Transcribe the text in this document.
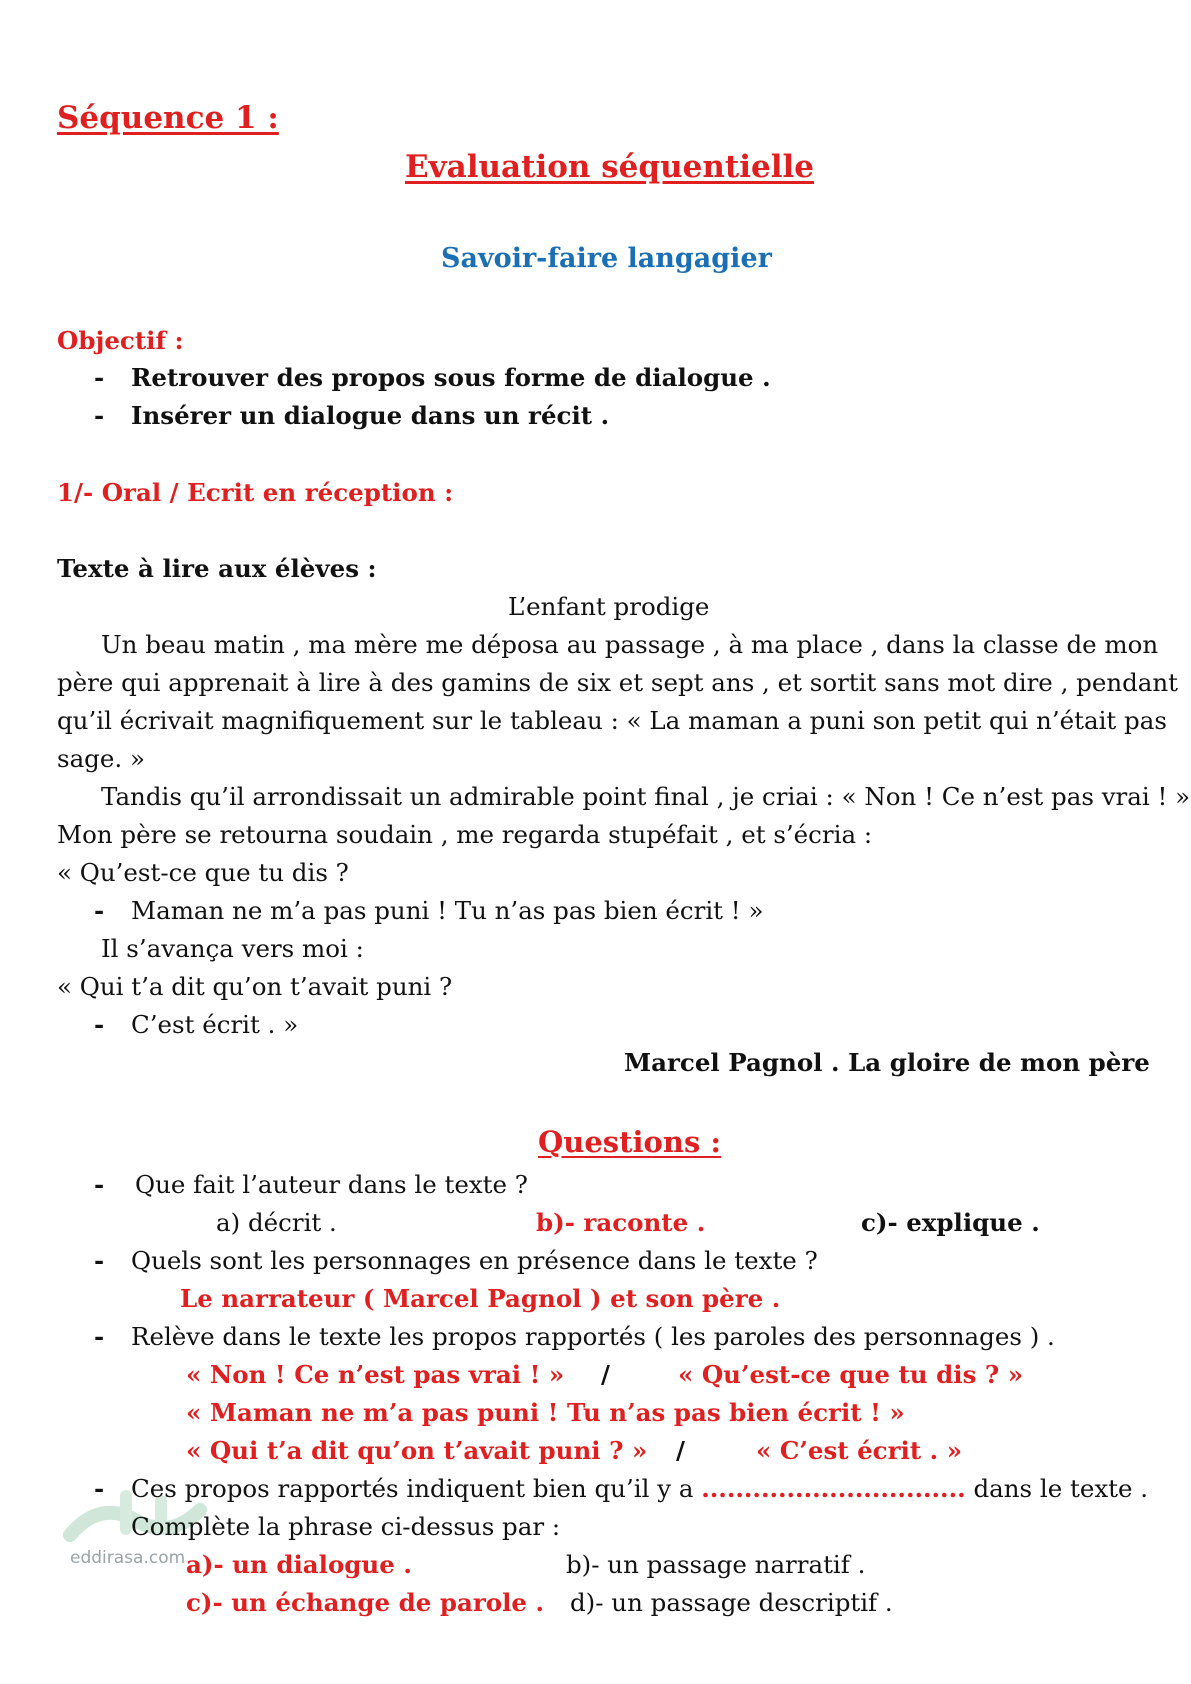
Séquence 1 :
Evaluation séquentielle
Savoir-faire langagier
Objectif :
- Retrouver des propos sous forme de dialogue .
- Insérer un dialogue dans un récit .
1/- Oral / Ecrit en réception :
Texte à lire aux élèves :
L’enfant prodige
Un beau matin , ma mère me déposa au passage , à ma place , dans la classe de mon
père qui apprenait à lire à des gamins de six et sept ans , et sortit sans mot dire , pendant
qu’il écrivait magnifiquement sur le tableau : « La maman a puni son petit qui n’était pas
sage. »
Tandis qu’il arrondissait un admirable point final , je criai : « Non ! Ce n’est pas vrai ! »
Mon père se retourna soudain , me regarda stupéfait , et s’écria :
« Qu’est-ce que tu dis ?
- Maman ne m’a pas puni ! Tu n’as pas bien écrit ! »
Il s’avança vers moi :
« Qui t’a dit qu’on t’avait puni ?
- C’est écrit . »
Marcel Pagnol . La gloire de mon père
Questions :
- Que fait l’auteur dans le texte ?
a) décrit .	b)- raconte .	c)- explique .
- Quels sont les personnages en présence dans le texte ?
Le narrateur ( Marcel Pagnol ) et son père .
- Relève dans le texte les propos rapportés ( les paroles des personnages ) .
« Non ! Ce n’est pas vrai ! » /	« Qu’est-ce que tu dis ? »
« Maman ne m’a pas puni ! Tu n’as pas bien écrit ! »
« Qui t’a dit qu’on t’avait puni ? » /	« C’est écrit . »
eddirasa.com
- Ces propos rapportés indiquent bien qu’il y a ............................... dans le texte .
Complète la phrase ci-dessus par :
a)- un dialogue .	b)- un passage narratif .
c)- un échange de parole . d)- un passage descriptif .
